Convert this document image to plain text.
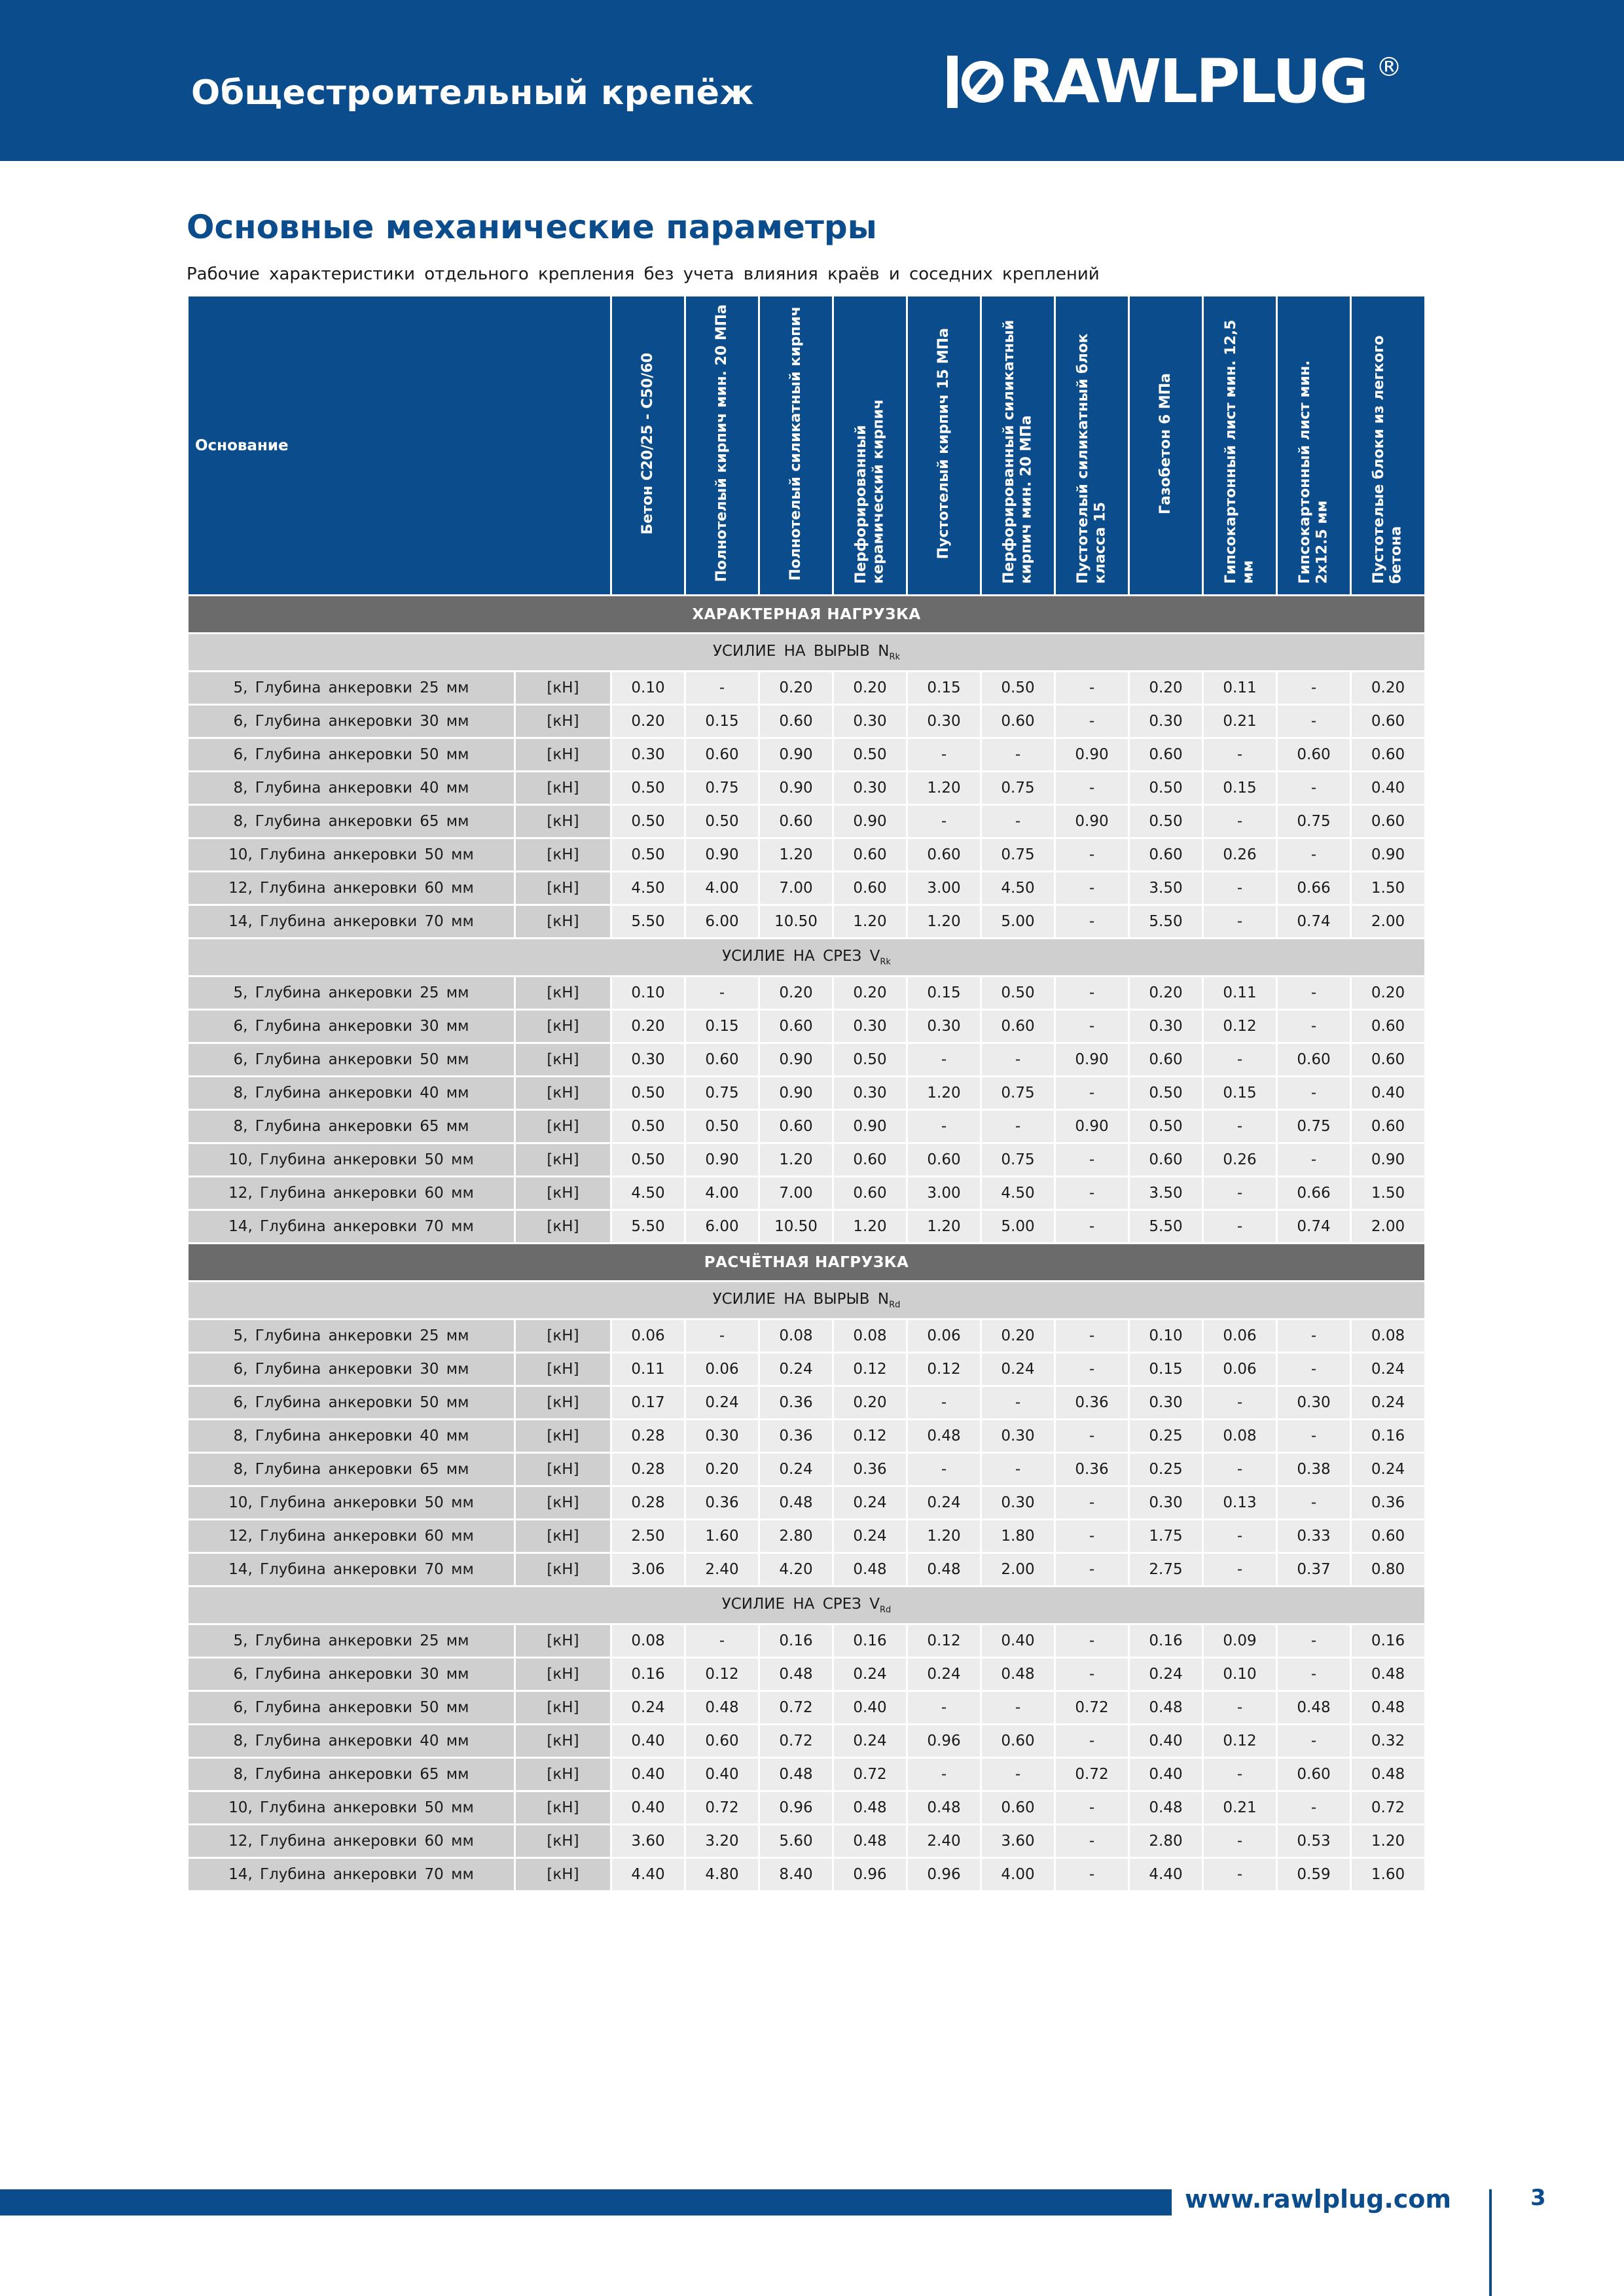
Общестроительный крепёж	RAWLPLUG ®
Основные механические параметры
Рабочие характеристики отдельного крепления без учета влияния краёв и соседних креплений
Основание		Бетон C20/25 - C50/60	Полнотелый кирпич мин. 20 МПа	Полнотелый силикатный кирпич	Перфорированный керамический кирпич	Пустотелый кирпич 15 МПа	Перфорированный силикатный кирпич мин. 20 МПа	Пустотелый силикатный блок класса 15	Газобетон 6 МПа	Гипсокартонный лист мин. 12,5 мм	Гипсокартонный лист мин. 2x12.5 мм	Пустотелые блоки из легкого бетона
ХАРАКТЕРНАЯ НАГРУЗКА												
УСИЛИЕ НА ВЫРЫВ $N_{Rk}$
5, Глубина анкеровки 25 мм	[кН]	0.10	-	0.20	0.20	0.15	0.50	-	0.20	0.11	-	0.20
6, Глубина анкеровки 30 мм	[кН]	0.20	0.15	0.60	0.30	0.30	0.60	-	0.30	0.21	-	0.60
6, Глубина анкеровки 50 мм	[кН]	0.30	0.60	0.90	0.50	-	-	0.90	0.60	-	0.60	0.60
8, Глубина анкеровки 40 мм	[кН]	0.50	0.75	0.90	0.30	1.20	0.75	-	0.50	0.15	-	0.40
8, Глубина анкеровки 65 мм	[кН]	0.50	0.50	0.60	0.90	-	-	0.90	0.50	-	0.75	0.60
10, Глубина анкеровки 50 мм	[кН]	0.50	0.90	1.20	0.60	0.60	0.75	-	0.60	0.26	-	0.90
12, Глубина анкеровки 60 мм	[кН]	4.50	4.00	7.00	0.60	3.00	4.50	-	3.50	-	0.66	1.50
14, Глубина анкеровки 70 мм	[кН]	5.50	6.00	10.50	1.20	1.20	5.00	-	5.50	-	0.74	2.00
УСИЛИЕ НА СРЕЗ $V_{Rk}$
5, Глубина анкеровки 25 мм	[кН]	0.10	-	0.20	0.20	0.15	0.50	-	0.20	0.11	-	0.20
6, Глубина анкеровки 30 мм	[кН]	0.20	0.15	0.60	0.30	0.30	0.60	-	0.30	0.12	-	0.60
6, Глубина анкеровки 50 мм	[кН]	0.30	0.60	0.90	0.50	-	-	0.90	0.60	-	0.60	0.60
8, Глубина анкеровки 40 мм	[кН]	0.50	0.75	0.90	0.30	1.20	0.75	-	0.50	0.15	-	0.40
8, Глубина анкеровки 65 мм	[кН]	0.50	0.50	0.60	0.90	-	-	0.90	0.50	-	0.75	0.60
10, Глубина анкеровки 50 мм	[кН]	0.50	0.90	1.20	0.60	0.60	0.75	-	0.60	0.26	-	0.90
12, Глубина анкеровки 60 мм	[кН]	4.50	4.00	7.00	0.60	3.00	4.50	-	3.50	-	0.66	1.50
14, Глубина анкеровки 70 мм	[кН]	5.50	6.00	10.50	1.20	1.20	5.00	-	5.50	-	0.74	2.00
РАСЧЁТНАЯ НАГРУЗКА												
УСИЛИЕ НА ВЫРЫВ $N_{Rd}$
5, Глубина анкеровки 25 мм	[кН]	0.06	-	0.08	0.08	0.06	0.20	-	0.10	0.06	-	0.08
6, Глубина анкеровки 30 мм	[кН]	0.11	0.06	0.24	0.12	0.12	0.24	-	0.15	0.06	-	0.24
6, Глубина анкеровки 50 мм	[кН]	0.17	0.24	0.36	0.20	-	-	0.36	0.30	-	0.30	0.24
8, Глубина анкеровки 40 мм	[кН]	0.28	0.30	0.36	0.12	0.48	0.30	-	0.25	0.08	-	0.16
8, Глубина анкеровки 65 мм	[кН]	0.28	0.20	0.24	0.36	-	-	0.36	0.25	-	0.38	0.24
10, Глубина анкеровки 50 мм	[кН]	0.28	0.36	0.48	0.24	0.24	0.30	-	0.30	0.13	-	0.36
12, Глубина анкеровки 60 мм	[кН]	2.50	1.60	2.80	0.24	1.20	1.80	-	1.75	-	0.33	0.60
14, Глубина анкеровки 70 мм	[кН]	3.06	2.40	4.20	0.48	0.48	2.00	-	2.75	-	0.37	0.80
УСИЛИЕ НА СРЕЗ $V_{Rd}$
5, Глубина анкеровки 25 мм	[кН]	0.08	-	0.16	0.16	0.12	0.40	-	0.16	0.09	-	0.16
6, Глубина анкеровки 30 мм	[кН]	0.16	0.12	0.48	0.24	0.24	0.48	-	0.24	0.10	-	0.48
6, Глубина анкеровки 50 мм	[кН]	0.24	0.48	0.72	0.40	-	-	0.72	0.48	-	0.48	0.48
8, Глубина анкеровки 40 мм	[кН]	0.40	0.60	0.72	0.24	0.96	0.60	-	0.40	0.12	-	0.32
8, Глубина анкеровки 65 мм	[кН]	0.40	0.40	0.48	0.72	-	-	0.72	0.40	-	0.60	0.48
10, Глубина анкеровки 50 мм	[кН]	0.40	0.72	0.96	0.48	0.48	0.60	-	0.48	0.21	-	0.72
12, Глубина анкеровки 60 мм	[кН]	3.60	3.20	5.60	0.48	2.40	3.60	-	2.80	-	0.53	1.20
14, Глубина анкеровки 70 мм	[кН]	4.40	4.80	8.40	0.96	0.96	4.00	-	4.40	-	0.59	1.60
www.rawlplug.com	3
